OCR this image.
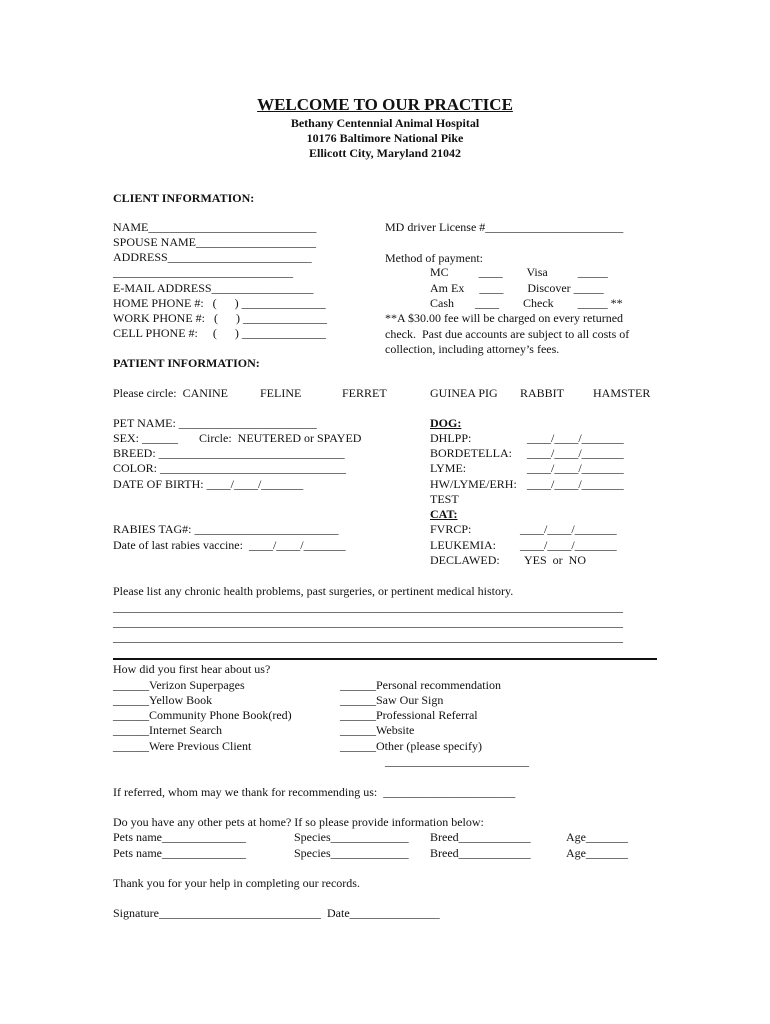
WELCOME TO OUR PRACTICE
Bethany Centennial Animal Hospital
10176 Baltimore National Pike
Ellicott City, Maryland 21042
CLIENT INFORMATION:
NAME____________________________
SPOUSE NAME____________________
ADDRESS________________________
______________________________
E-MAIL ADDRESS_________________
HOME PHONE #:   (      ) ______________
WORK PHONE #:   (      ) ______________
CELL PHONE #:     (      ) ______________
MD driver License #_______________________
Method of payment:
MC          ____        Visa          _____
Am Ex     ____        Discover _____
Cash       ____        Check        _____ **
**A $30.00 fee will be charged on every returned
check.  Past due accounts are subject to all costs of
collection, including attorney’s fees.
PATIENT INFORMATION:
Please circle:  CANINE	FELINE	FERRET	GUINEA PIG RABBIT HAMSTER
PET NAME: _______________________
SEX: ______       Circle:  NEUTERED or SPAYED
BREED: _______________________________
COLOR: _______________________________
DATE OF BIRTH: ____/____/_______
RABIES TAG#: ________________________
Date of last rabies vaccine:  ____/____/_______
DOG:
DHLPP:	____/____/_______
BORDETELLA: ____/____/_______
LYME:	____/____/_______
HW/LYME/ERH: ____/____/_______
TEST
CAT:
FVRCP:	____/____/_______
LEUKEMIA: ____/____/_______
DECLAWED: YES  or  NO
Please list any chronic health problems, past surgeries, or pertinent medical history.
_____________________________________________________________________________________
_____________________________________________________________________________________
_____________________________________________________________________________________
How did you first hear about us?
______Verizon Superpages
______Yellow Book
______Community Phone Book(red)
______Internet Search
______Were Previous Client
______Personal recommendation
______Saw Our Sign
______Professional Referral
______Website
______Other (please specify)
________________________
If referred, whom may we thank for recommending us:  ______________________
Do you have any other pets at home? If so please provide information below:
Pets name______________	Species_____________ Breed____________	Age_______
Pets name______________	Species_____________ Breed____________	Age_______
Thank you for your help in completing our records.
Signature___________________________  Date_______________
